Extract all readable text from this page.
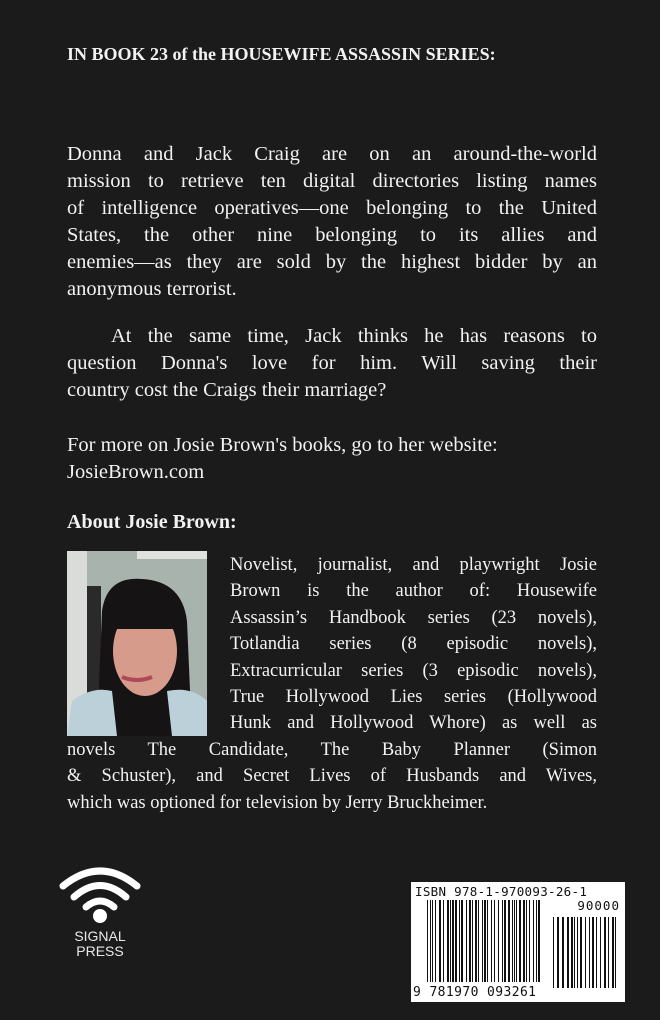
IN BOOK 23 of the HOUSEWIFE ASSASSIN SERIES:
Donna and Jack Craig are on an around-the-world
mission to retrieve ten digital directories listing names
of intelligence operatives—one belonging to the United
States, the other nine belonging to its allies and
enemies—as they are sold by the highest bidder by an
anonymous terrorist.
At the same time, Jack thinks he has reasons to
question Donna's love for him. Will saving their
country cost the Craigs their marriage?
For more on Josie Brown's books, go to her website:
JosieBrown.com
About Josie Brown:
Novelist, journalist, and playwright Josie
Brown is the author of: Housewife
Assassin’s Handbook series (23 novels),
Totlandia series (8 episodic novels),
Extracurricular series (3 episodic novels),
True Hollywood Lies series (Hollywood
Hunk and Hollywood Whore) as well as
novels The Candidate, The Baby Planner (Simon
& Schuster), and Secret Lives of Husbands and Wives,
which was optioned for television by Jerry Bruckheimer.
SIGNAL
PRESS
ISBN 978-1-970093-26-1
90000
9 781970 093261
